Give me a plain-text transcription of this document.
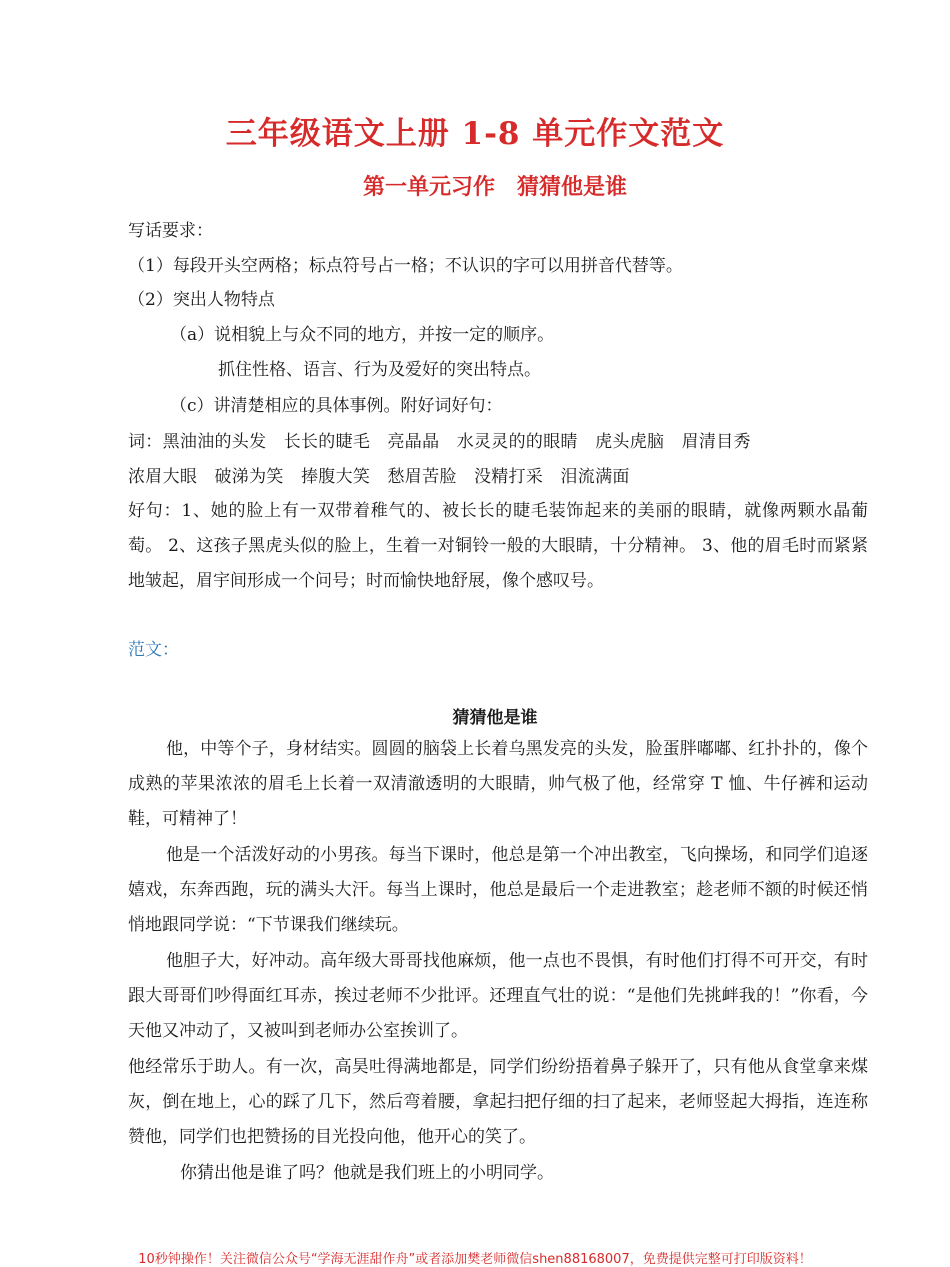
三年级语文上册 1-8 单元作文范文
第一单元习作　猜猜他是谁
写话要求：
（1）每段开头空两格；标点符号占一格；不认识的字可以用拼音代替等。
（2）突出人物特点
（a）说相貌上与众不同的地方，并按一定的顺序。
抓住性格、语言、行为及爱好的突出特点。
（c）讲清楚相应的具体事例。附好词好句：
词：黑油油的头发　长长的睫毛　亮晶晶　水灵灵的的眼睛　虎头虎脑　眉清目秀
浓眉大眼　破涕为笑　捧腹大笑　愁眉苦脸　没精打采　泪流满面
好句：1、她的脸上有一双带着稚气的、被长长的睫毛装饰起来的美丽的眼睛，就像两颗水晶葡萄。 2、这孩子黑虎头似的脸上，生着一对铜铃一般的大眼睛，十分精神。 3、他的眉毛时而紧紧地皱起，眉宇间形成一个问号；时而愉快地舒展，像个感叹号。
范文：
猜猜他是谁
他，中等个子，身材结实。圆圆的脑袋上长着乌黑发亮的头发，脸蛋胖嘟嘟、红扑扑的，像个成熟的苹果浓浓的眉毛上长着一双清澈透明的大眼睛，帅气极了他，经常穿 T 恤、牛仔裤和运动鞋，可精神了！
他是一个活泼好动的小男孩。每当下课时，他总是第一个冲出教室，飞向操场，和同学们追逐嬉戏，东奔西跑，玩的满头大汗。每当上课时，他总是最后一个走进教室；趁老师不额的时候还悄悄地跟同学说：“下节课我们继续玩。
他胆子大，好冲动。高年级大哥哥找他麻烦，他一点也不畏惧，有时他们打得不可开交，有时跟大哥哥们吵得面红耳赤，挨过老师不少批评。还理直气壮的说：“是他们先挑衅我的！”你看，今天他又冲动了，又被叫到老师办公室挨训了。
他经常乐于助人。有一次，高昊吐得满地都是，同学们纷纷捂着鼻子躲开了，只有他从食堂拿来煤灰，倒在地上，心的踩了几下，然后弯着腰，拿起扫把仔细的扫了起来，老师竖起大拇指，连连称赞他，同学们也把赞扬的目光投向他，他开心的笑了。
你猜出他是谁了吗？他就是我们班上的小明同学。
10秒钟操作！关注微信公众号“学海无涯甜作舟”或者添加樊老师微信shen88168007，免费提供完整可打印版资料！
